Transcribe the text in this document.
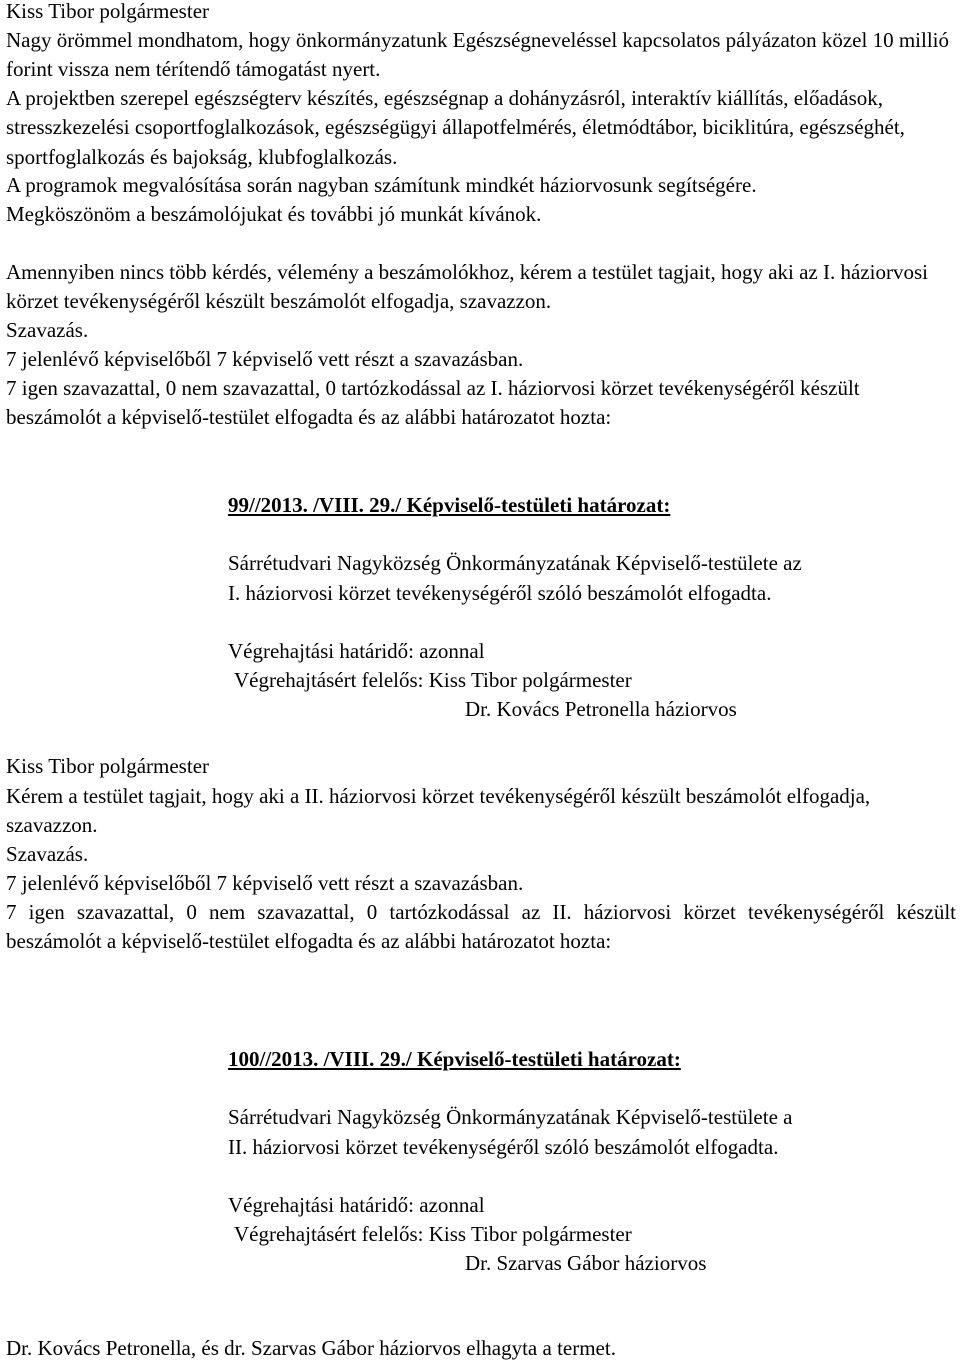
Kiss Tibor polgármester

Nagy örömmel mondhatom, hogy önkormányzatunk Egészségneveléssel kapcsolatos pályázaton közel 10 millió forint vissza nem térítendő támogatást nyert.

A projektben szerepel egészségterv készítés, egészségnap a dohányzásról, interaktív kiállítás, előadások, stresszkezelési csoportfoglalkozások, egészségügyi állapotfelmérés, életmódtábor, biciklitúra, egészséghét, sportfoglalkozás és bajokság, klubfoglalkozás.

A programok megvalósítása során nagyban számítunk mindkét háziorvosunk segítségére.

Megköszönöm a beszámolójukat és további jó munkát kívánok.

Amennyiben nincs több kérdés, vélemény a beszámolókhoz, kérem a testület tagjait, hogy aki az I. háziorvosi körzet tevékenységéről készült beszámolót elfogadja, szavazzon.

Szavazás.

7 jelenlévő képviselőből 7 képviselő vett részt a szavazásban.

7 igen szavazattal, 0 nem szavazattal, 0 tartózkodással az I. háziorvosi körzet tevékenységéről készült beszámolót a képviselő-testület elfogadta és az alábbi határozatot hozta:

99//2013. /VIII. 29./ Képviselő-testületi határozat:
Sárrétudvari Nagyközség Önkormányzatának Képviselő-testülete az
I. háziorvosi körzet tevékenységéről szóló beszámolót elfogadta.
Végrehajtási határidő: azonnal
Végrehajtásért felelős: Kiss Tibor polgármester
Dr. Kovács Petronella háziorvos

Kiss Tibor polgármester

Kérem a testület tagjait, hogy aki a II. háziorvosi körzet tevékenységéről készült beszámolót elfogadja, szavazzon.

Szavazás.

7 jelenlévő képviselőből 7 képviselő vett részt a szavazásban.

7 igen szavazattal, 0 nem szavazattal, 0 tartózkodással az II. háziorvosi körzet tevékenységéről készült beszámolót a képviselő-testület elfogadta és az alábbi határozatot hozta:

100//2013. /VIII. 29./ Képviselő-testületi határozat:
Sárrétudvari Nagyközség Önkormányzatának Képviselő-testülete a
II. háziorvosi körzet tevékenységéről szóló beszámolót elfogadta.
Végrehajtási határidő: azonnal
Végrehajtásért felelős: Kiss Tibor polgármester
Dr. Szarvas Gábor háziorvos

Dr. Kovács Petronella, és dr. Szarvas Gábor háziorvos elhagyta a termet.
